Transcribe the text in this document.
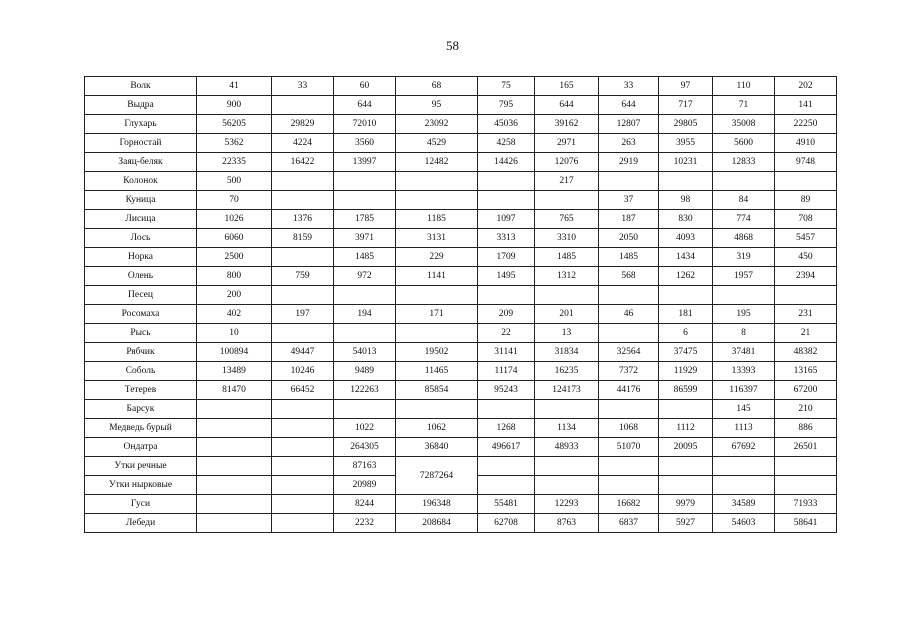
58
Волк	41	33	60	68	75	165	33	97	110	202
Выдра	900		644	95	795	644	644	717	71	141
Глухарь	56205	29829	72010	23092	45036	39162	12807	29805	35008	22250
Горностай	5362	4224	3560	4529	4258	2971	263	3955	5600	4910
Заяц-беляк	22335	16422	13997	12482	14426	12076	2919	10231	12833	9748
Колонок	500					217				
Куница	70						37	98	84	89
Лисица	1026	1376	1785	1185	1097	765	187	830	774	708
Лось	6060	8159	3971	3131	3313	3310	2050	4093	4868	5457
Норка	2500		1485	229	1709	1485	1485	1434	319	450
Олень	800	759	972	1141	1495	1312	568	1262	1957	2394
Песец	200									
Росомаха	402	197	194	171	209	201	46	181	195	231
Рысь	10				22	13		6	8	21
Рябчик	100894	49447	54013	19502	31141	31834	32564	37475	37481	48382
Соболь	13489	10246	9489	11465	11174	16235	7372	11929	13393	13165
Тетерев	81470	66452	122263	85854	95243	124173	44176	86599	116397	67200
Барсук									145	210
Медведь бурый			1022	1062	1268	1134	1068	1112	1113	886
Ондатра			264305	36840	496617	48933	51070	20095	67692	26501
Утки речные			87163	7287264						
Утки нырковые			20989							
Гуси			8244	196348	55481	12293	16682	9979	34589	71933
Лебеди			2232	208684	62708	8763	6837	5927	54603	58641
